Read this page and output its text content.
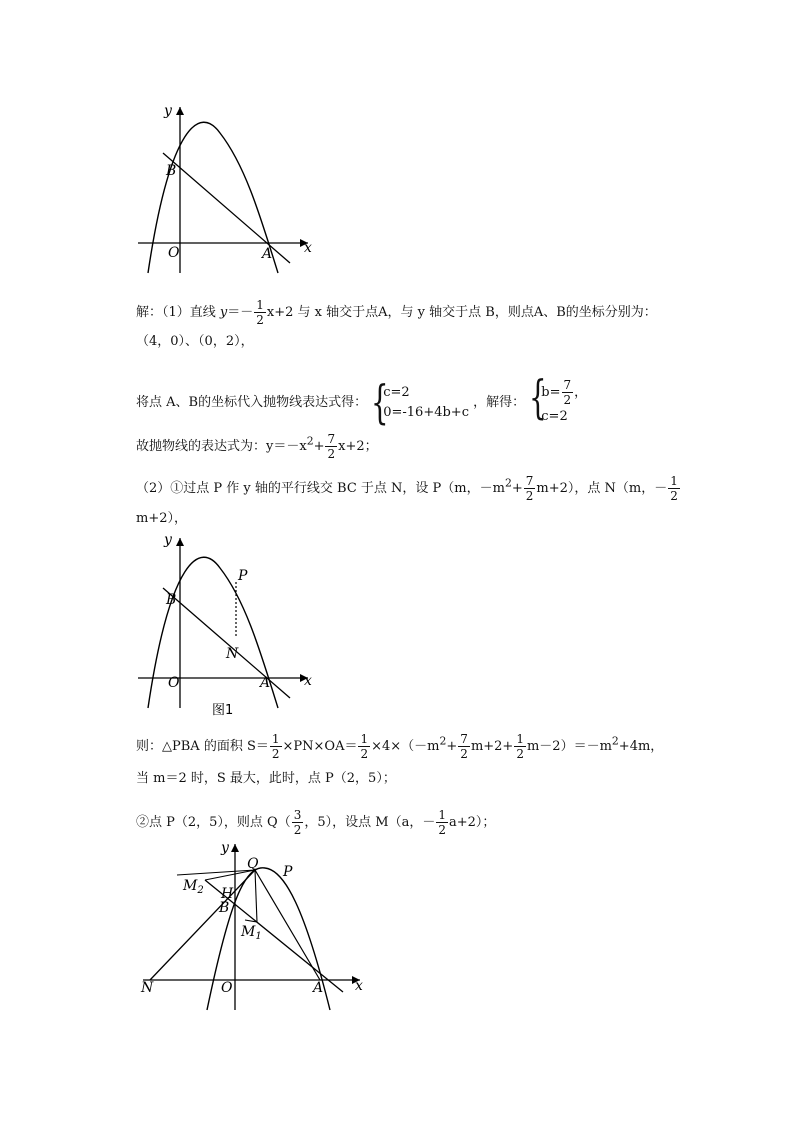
y
x
O	A
B
解：（1）直线 $y=- \frac{1}{2} x+2$ 与 x 轴交于点A，与 y 轴交于点 B，则点A、B的坐标分别为：
（4，0）、（0，2），
将点 A、B的坐标代入抛物线表达式得： {
c=2
0=-16+4b+c
，解得： {
$b= \frac{7}{2}$ ，
c=2
故抛物线的表达式为：$y=-x^2+ \frac{7}{2} x+2$；
（2）①过点 P 作 y 轴的平行线交 BC 于点 N，设 P（m，$-m^2+ \frac{7}{2} m+2$），点 N（m，－ $\frac{1}{2}$
m+2），
y
x
O	A
B
P
N
图1
则：△PBA 的面积 $S= \frac{1}{2} \times PN\times OA= \frac{1}{2} \times 4\times(-m^2+ \frac{7}{2} m+2+ \frac{1}{2} m-2)=-m^2+4m$，
当 m＝2 时，S 最大，此时，点 P（2，5）；
②点 P（2，5），则点 $Q( \frac{3}{2}$ ，5），设点 M（a，－ $\frac{1}{2} a+2$）；
y
x
O	A
B
Q P
H
N
$M_1$
$M_2$
